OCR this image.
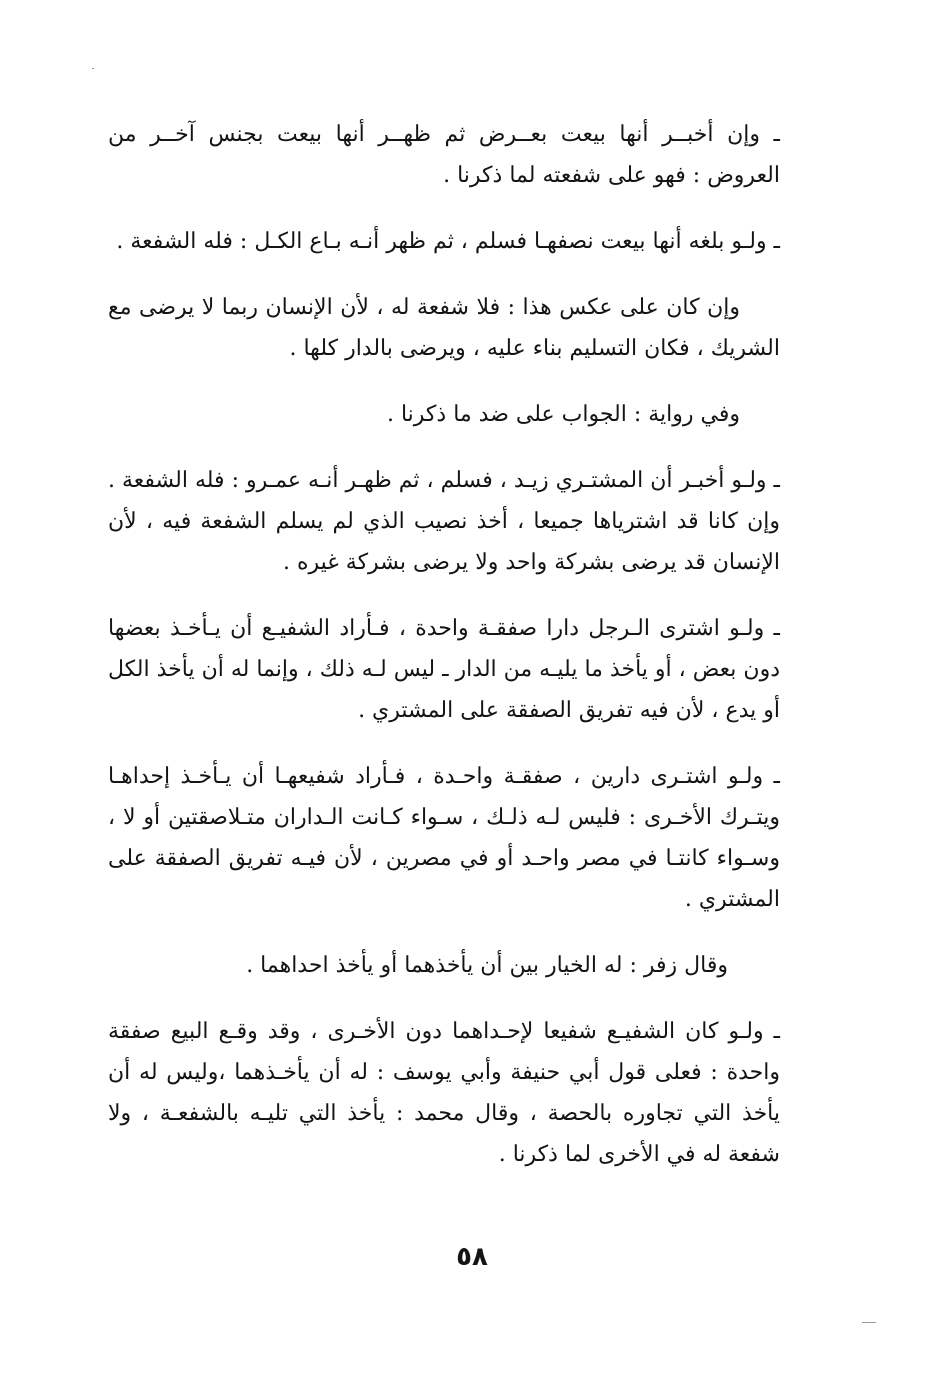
ـ وإن أخبــر أنها بيعت بعــرض ثم ظهــر أنها بيعت بجنس آخــر من العروض : فهو على شفعته لما ذكرنا .

ـ ولـو بلغه أنها بيعت نصفهـا فسلم ، ثم ظهر أنـه بـاع الكـل : فله الشفعة .

وإن كان على عكس هذا : فلا شفعة له ، لأن الإنسان ربما لا يرضى مع الشريك ، فكان التسليم بناء عليه ، ويرضى بالدار كلها .

وفي رواية : الجواب على ضد ما ذكرنا .

ـ ولـو أخبـر أن المشتـري زيـد ، فسلم ، ثم ظهـر أنـه عمـرو : فله الشفعة . وإن كانا قد اشترياها جميعا ، أخذ نصيب الذي لم يسلم الشفعة فيه ، لأن الإنسان قد يرضى بشركة واحد ولا يرضى بشركة غيره .

ـ ولـو اشترى الـرجل دارا صفقـة واحدة ، فـأراد الشفيـع أن يـأخـذ بعضها دون بعض ، أو يأخذ ما يليـه من الدار ـ ليس لـه ذلك ، وإنما له أن يأخذ الكل أو يدع ، لأن فيه تفريق الصفقة على المشتري .

ـ ولـو اشتـرى دارين ، صفقـة واحـدة ، فـأراد شفيعهـا أن يـأخـذ إحداهـا ويتـرك الأخـرى : فليس لـه ذلـك ، سـواء كـانت الـداران متـلاصقتين أو لا ، وسـواء كانتـا في مصر واحـد أو في مصرين ، لأن فيـه تفريق الصفقة على المشتري .

وقال زفر : له الخيار بين أن يأخذهما أو يأخذ احداهما .

ـ ولـو كان الشفيـع شفيعا لإحـداهما دون الأخـرى ، وقد وقـع البيع صفقة واحدة : فعلى قول أبي حنيفة وأبي يوسف : له أن يأخـذهما ،وليس له أن يأخذ التي تجاوره بالحصة ، وقال محمد : يأخذ التي تليـه بالشفعـة ، ولا شفعة له في الأخرى لما ذكرنا .

٥٨
